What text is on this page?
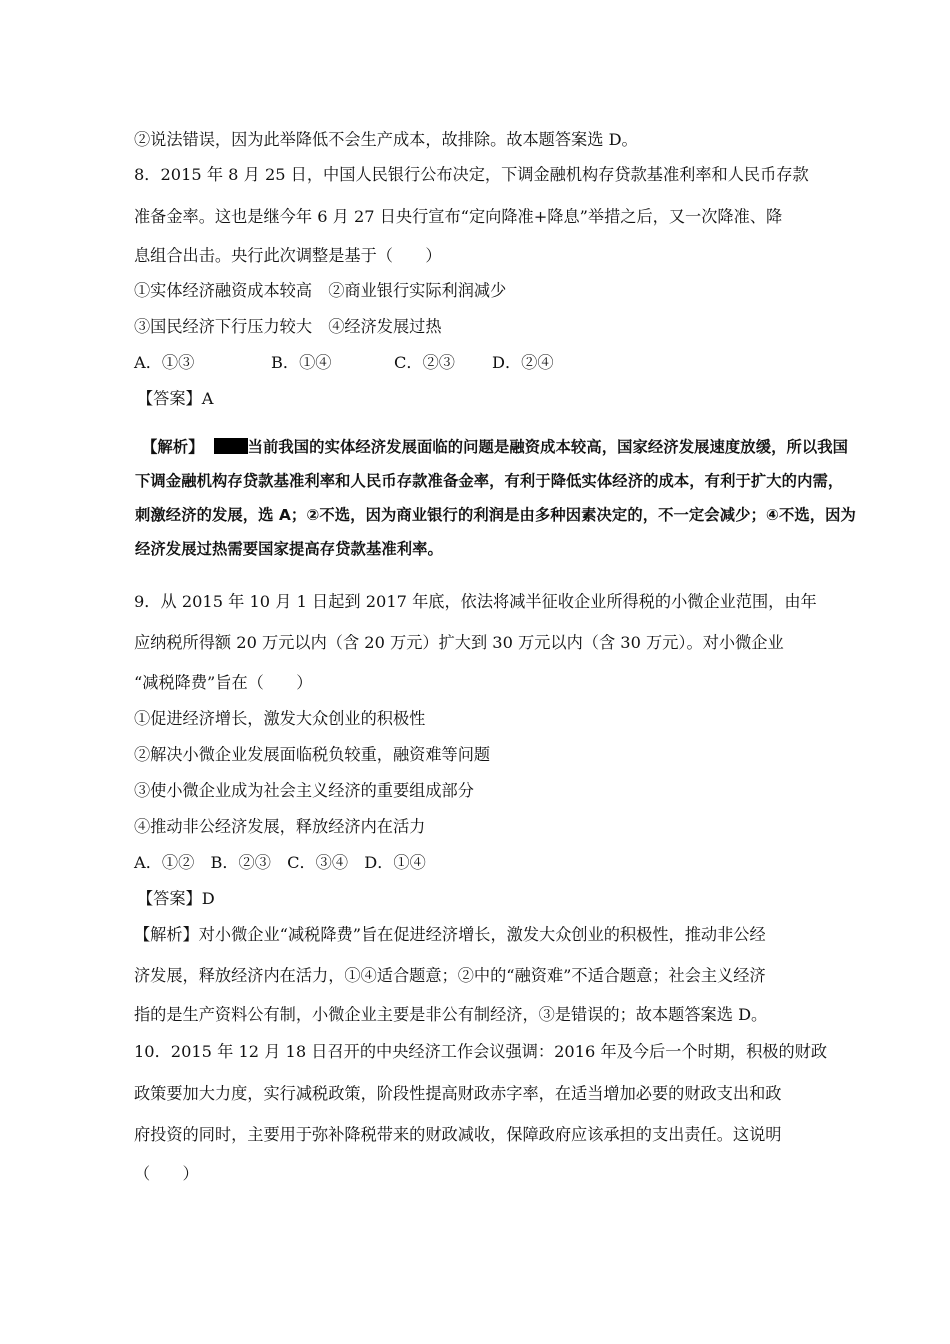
②说法错误，因为此举降低不会生产成本，故排除。故本题答案选 D。
8．2015 年 8 月 25 日，中国人民银行公布决定，下调金融机构存贷款基准利率和人民币存款
准备金率。这也是继今年 6 月 27 日央行宣布“定向降准+降息”举措之后，又一次降准、降
息组合出击。央行此次调整是基于（　　）
①实体经济融资成本较高　②商业银行实际利润减少
③国民经济下行压力较大　④经济发展过热
A．①③	B．①④	C．②③ D．②④
【答案】A
【解析】	当前我国的实体经济发展面临的问题是融资成本较高，国家经济发展速度放缓，所以我国
下调金融机构存贷款基准利率和人民币存款准备金率，有利于降低实体经济的成本，有利于扩大的内需，
刺激经济的发展，选 A；②不选，因为商业银行的利润是由多种因素决定的，不一定会减少；④不选，因为
经济发展过热需要国家提高存贷款基准利率。
9．从 2015 年 10 月 1 日起到 2017 年底，依法将减半征收企业所得税的小微企业范围，由年
应纳税所得额 20 万元以内（含 20 万元）扩大到 30 万元以内（含 30 万元）。对小微企业
“减税降费”旨在（　　）
①促进经济增长，激发大众创业的积极性
②解决小微企业发展面临税负较重，融资难等问题
③使小微企业成为社会主义经济的重要组成部分
④推动非公经济发展，释放经济内在活力
A．①②　B．②③　C．③④　D．①④
【答案】D
【解析】对小微企业“减税降费”旨在促进经济增长，激发大众创业的积极性，推动非公经
济发展，释放经济内在活力，①④适合题意；②中的“融资难”不适合题意；社会主义经济
指的是生产资料公有制，小微企业主要是非公有制经济，③是错误的；故本题答案选 D。
10．2015 年 12 月 18 日召开的中央经济工作会议强调：2016 年及今后一个时期，积极的财政
政策要加大力度，实行减税政策，阶段性提高财政赤字率，在适当增加必要的财政支出和政
府投资的同时，主要用于弥补降税带来的财政减收，保障政府应该承担的支出责任。这说明
（　　）
